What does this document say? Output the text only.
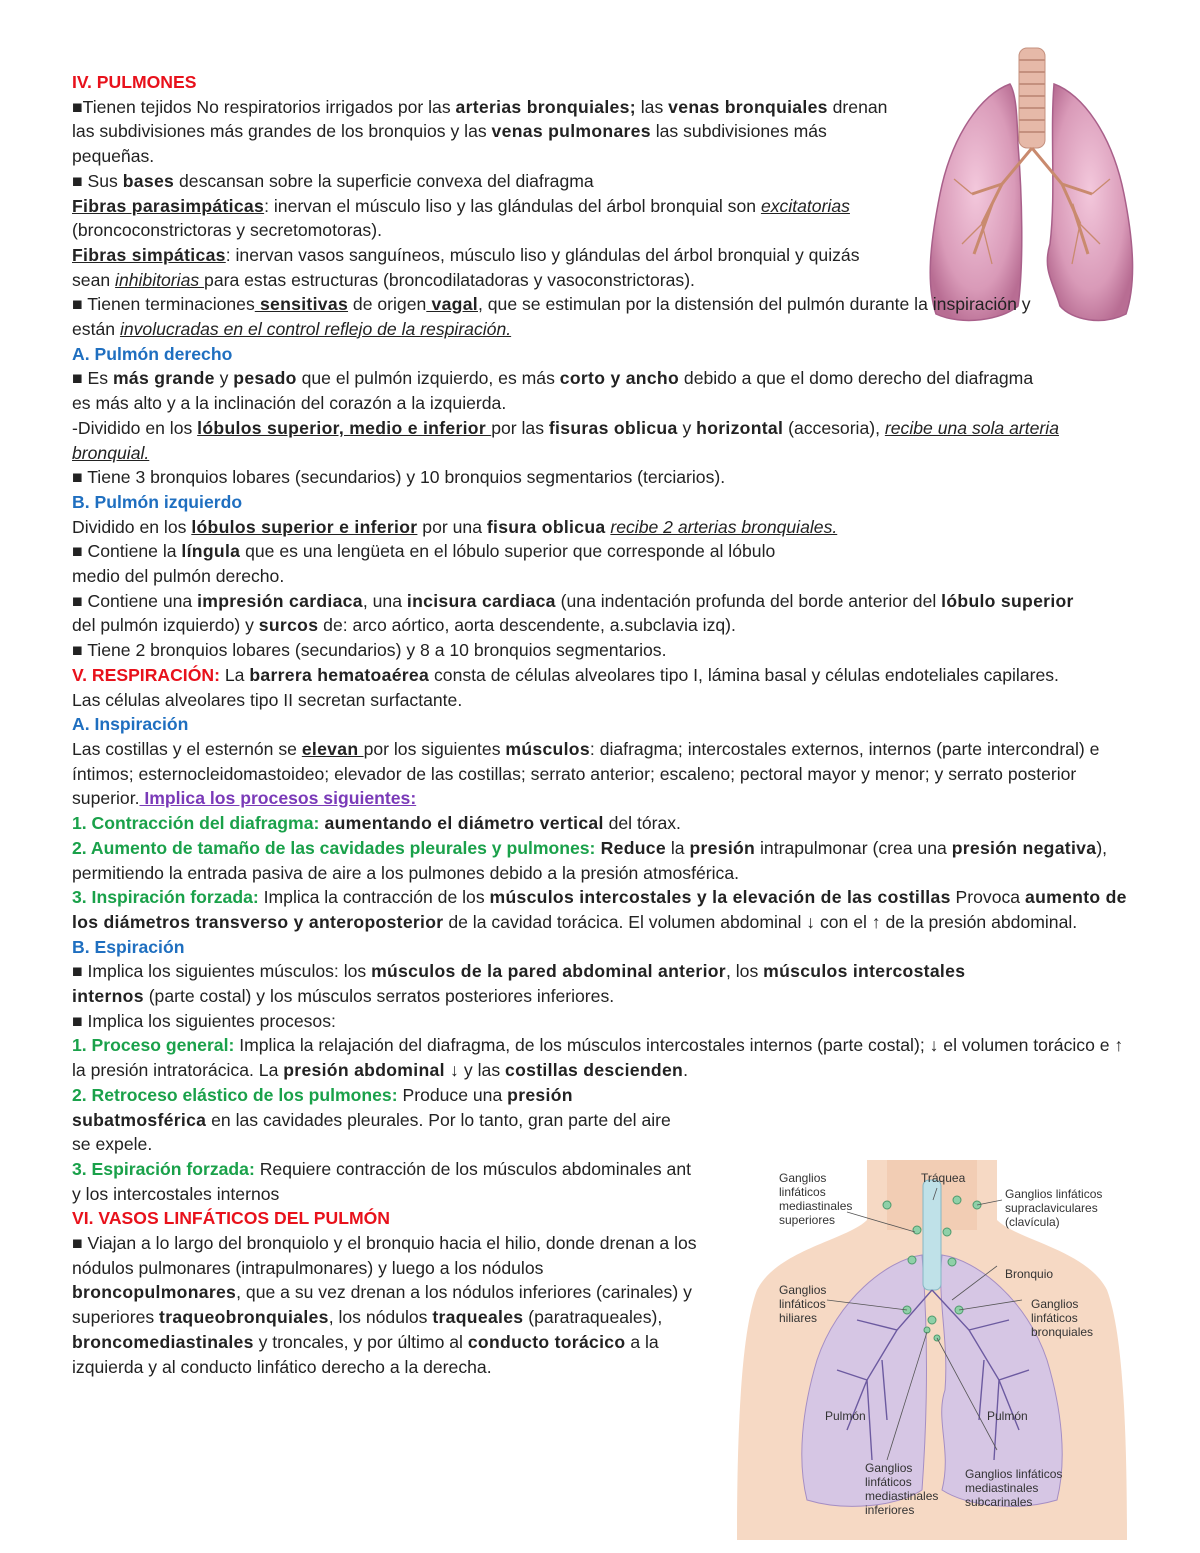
IV. PULMONES

■Tienen tejidos No respiratorios irrigados por las arterias bronquiales; las venas bronquiales drenan las subdivisiones más grandes de los bronquios y las venas pulmonares las subdivisiones más pequeñas.

■ Sus bases descansan sobre la superficie convexa del diafragma

Fibras parasimpáticas: inervan el músculo liso y las glándulas del árbol bronquial son excitatorias (broncoconstrictoras y secretomotoras).

Fibras simpáticas: inervan vasos sanguíneos, músculo liso y glándulas del árbol bronquial y quizás sean inhibitorias para estas estructuras (broncodilatadoras y vasoconstrictoras).

■ Tienen terminaciones sensitivas de origen vagal, que se estimulan por la distensión del pulmón durante la inspiración y están involucradas en el control reflejo de la respiración.

A. Pulmón derecho

■ Es más grande y pesado que el pulmón izquierdo, es más corto y ancho debido a que el domo derecho del diafragma es más alto y a la inclinación del corazón a la izquierda.

-Dividido en los lóbulos superior, medio e inferior por las fisuras oblicua y horizontal (accesoria), recibe una sola arteria bronquial.

■ Tiene 3 bronquios lobares (secundarios) y 10 bronquios segmentarios (terciarios).

B. Pulmón izquierdo

Dividido en los lóbulos superior e inferior por una fisura oblicua recibe 2 arterias bronquiales.

■ Contiene la língula que es una lengüeta en el lóbulo superior que corresponde al lóbulo
medio del pulmón derecho.

■ Contiene una impresión cardiaca, una incisura cardiaca (una indentación profunda del borde anterior del lóbulo superior del pulmón izquierdo) y surcos de: arco aórtico, aorta descendente, a.subclavia izq).

■ Tiene 2 bronquios lobares (secundarios) y 8 a 10 bronquios segmentarios.

V. RESPIRACIÓN: La barrera hematoaérea consta de células alveolares tipo I, lámina basal y células endoteliales capilares. Las células alveolares tipo II secretan surfactante.

A. Inspiración

Las costillas y el esternón se elevan por los siguientes músculos: diafragma; intercostales externos, internos (parte intercondral) e íntimos; esternocleidomastoideo; elevador de las costillas; serrato anterior; escaleno; pectoral mayor y menor; y serrato posterior superior. Implica los procesos siguientes:

1. Contracción del diafragma: aumentando el diámetro vertical del tórax.

2. Aumento de tamaño de las cavidades pleurales y pulmones: Reduce la presión intrapulmonar (crea una presión negativa), permitiendo la entrada pasiva de aire a los pulmones debido a la presión atmosférica.

3. Inspiración forzada: Implica la contracción de los músculos intercostales y la elevación de las costillas Provoca aumento de los diámetros transverso y anteroposterior de la cavidad torácica. El volumen abdominal ↓ con el ↑ de la presión abdominal.

B. Espiración

■ Implica los siguientes músculos: los músculos de la pared abdominal anterior, los músculos intercostales internos (parte costal) y los músculos serratos posteriores inferiores.

■ Implica los siguientes procesos:

1. Proceso general: Implica la relajación del diafragma, de los músculos intercostales internos (parte costal); ↓ el volumen torácico e ↑ la presión intratorácica. La presión abdominal ↓ y las costillas descienden.

2. Retroceso elástico de los pulmones: Produce una presión subatmosférica en las cavidades pleurales. Por lo tanto, gran parte del aire se expele.

3. Espiración forzada: Requiere contracción de los músculos abdominales ant y los intercostales internos

VI. VASOS LINFÁTICOS DEL PULMÓN

■ Viajan a lo largo del bronquiolo y el bronquio hacia el hilio, donde drenan a los nódulos pulmonares (intrapulmonares) y luego a los nódulos broncopulmonares, que a su vez drenan a los nódulos inferiores (carinales) y superiores traqueobronquiales, los nódulos traqueales (paratraqueales), broncomediastinales y troncales, y por último al conducto torácico a la izquierda y al conducto linfático derecho a la derecha.

Ganglios
linfáticos
mediastinales
superiores
Tráquea
Ganglios linfáticos
supraclaviculares
(clavícula)
Bronquio
Ganglios
linfáticos
hiliares
Ganglios
linfáticos
bronquiales
Pulmón	Pulmón
Ganglios
linfáticos
mediastinales
inferiores
Ganglios linfáticos
mediastinales
subcarinales
